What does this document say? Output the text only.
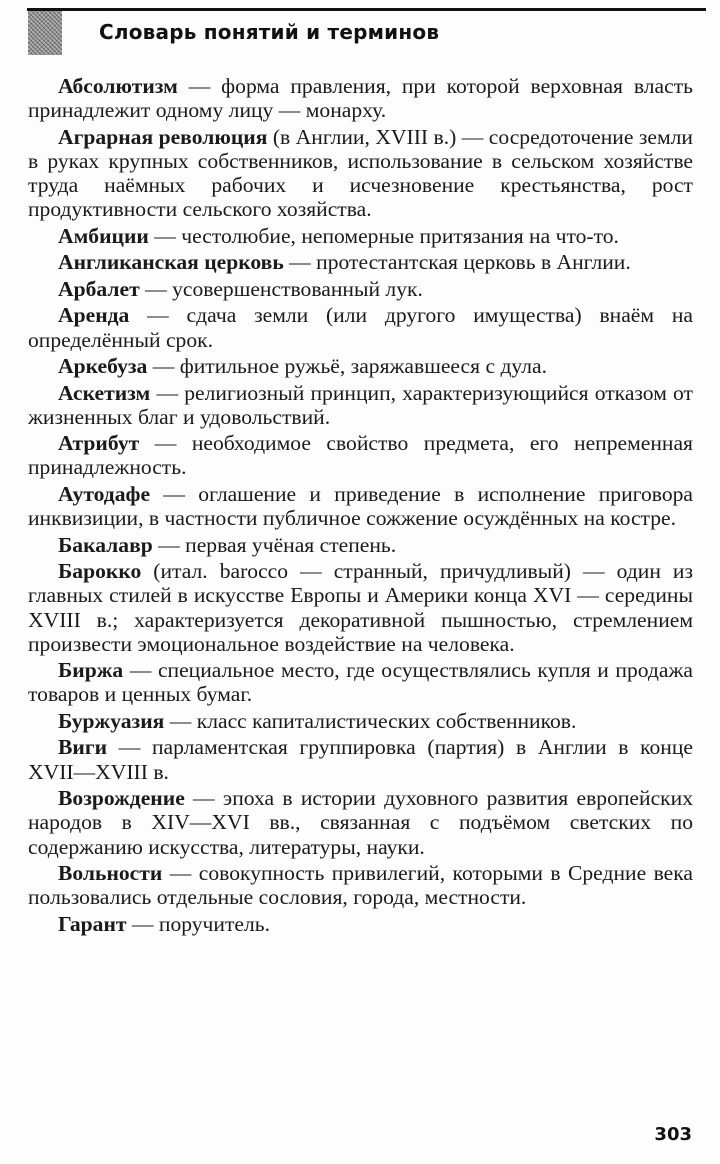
Словарь понятий и терминов

Абсолютизм — форма правления, при которой верховная власть принадлежит одному лицу — монарху.

Аграрная революция (в Англии, XVIII в.) — сосредоточение земли в руках крупных собственников, использование в сельском хозяйстве труда наёмных рабочих и исчезновение крестьянства, рост продуктивности сельского хозяйства.

Амбиции — честолюбие, непомерные притязания на что-то.

Англиканская церковь — протестантская церковь в Англии.

Арбалет — усовершенствованный лук.

Аренда — сдача земли (или другого имущества) внаём на определённый срок.

Аркебуза — фитильное ружьё, заряжавшееся с дула.

Аскетизм — религиозный принцип, характеризующийся отказом от жизненных благ и удовольствий.

Атрибут — необходимое свойство предмета, его непременная принадлежность.

Аутодафе — оглашение и приведение в исполнение приговора инквизиции, в частности публичное сожжение осуждённых на костре.

Бакалавр — первая учёная степень.

Барокко (итал. barocco — странный, причудливый) — один из главных стилей в искусстве Европы и Америки конца XVI — середины XVIII в.; характеризуется декоративной пышностью, стремлением произвести эмоциональное воздействие на человека.

Биржа — специальное место, где осуществлялись купля и продажа товаров и ценных бумаг.

Буржуазия — класс капиталистических собственников.

Виги — парламентская группировка (партия) в Англии в конце XVII—XVIII в.

Возрождение — эпоха в истории духовного развития европейских народов в XIV—XVI вв., связанная с подъёмом светских по содержанию искусства, литературы, науки.

Вольности — совокупность привилегий, которыми в Средние века пользовались отдельные сословия, города, местности.

Гарант — поручитель.

303
